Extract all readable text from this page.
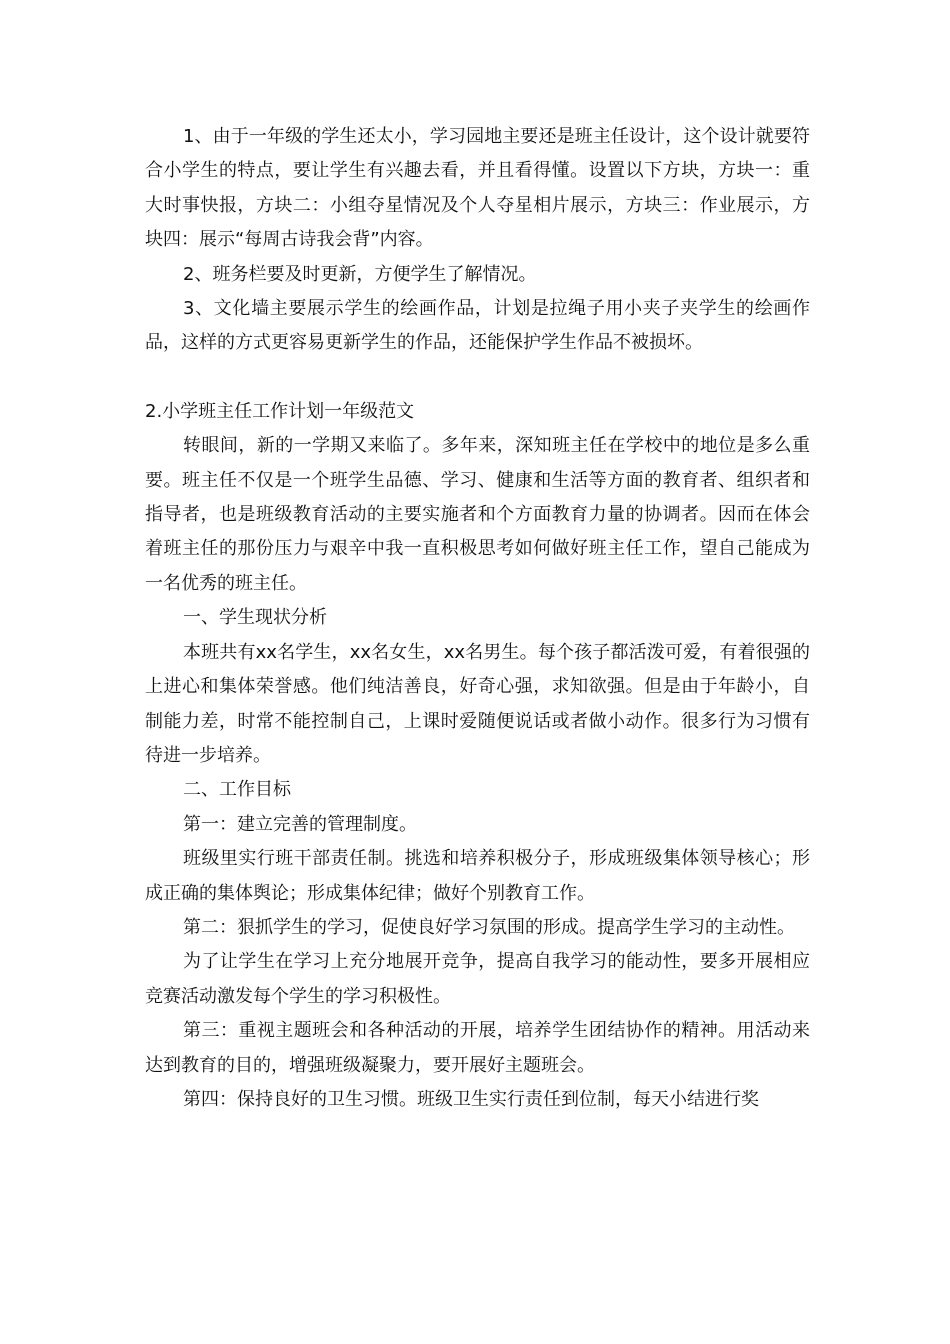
1、由于一年级的学生还太小，学习园地主要还是班主任设计，这个设计就要符合小学生的特点，要让学生有兴趣去看，并且看得懂。设置以下方块，方块一：重大时事快报，方块二：小组夺星情况及个人夺星相片展示，方块三：作业展示，方块四：展示“每周古诗我会背”内容。

2、班务栏要及时更新，方便学生了解情况。

3、文化墙主要展示学生的绘画作品，计划是拉绳子用小夹子夹学生的绘画作品，这样的方式更容易更新学生的作品，还能保护学生作品不被损坏。

2.小学班主任工作计划一年级范文

转眼间，新的一学期又来临了。多年来，深知班主任在学校中的地位是多么重要。班主任不仅是一个班学生品德、学习、健康和生活等方面的教育者、组织者和指导者，也是班级教育活动的主要实施者和个方面教育力量的协调者。因而在体会着班主任的那份压力与艰辛中我一直积极思考如何做好班主任工作，望自己能成为一名优秀的班主任。

一、学生现状分析

本班共有xx名学生，xx名女生，xx名男生。每个孩子都活泼可爱，有着很强的上进心和集体荣誉感。他们纯洁善良，好奇心强，求知欲强。但是由于年龄小，自制能力差，时常不能控制自己，上课时爱随便说话或者做小动作。很多行为习惯有待进一步培养。

二、工作目标

第一：建立完善的管理制度。

班级里实行班干部责任制。挑选和培养积极分子，形成班级集体领导核心；形成正确的集体舆论；形成集体纪律；做好个别教育工作。

第二：狠抓学生的学习，促使良好学习氛围的形成。提高学生学习的主动性。

为了让学生在学习上充分地展开竞争，提高自我学习的能动性，要多开展相应竞赛活动激发每个学生的学习积极性。

第三：重视主题班会和各种活动的开展，培养学生团结协作的精神。用活动来达到教育的目的，增强班级凝聚力，要开展好主题班会。

第四：保持良好的卫生习惯。班级卫生实行责任到位制，每天小结进行奖
